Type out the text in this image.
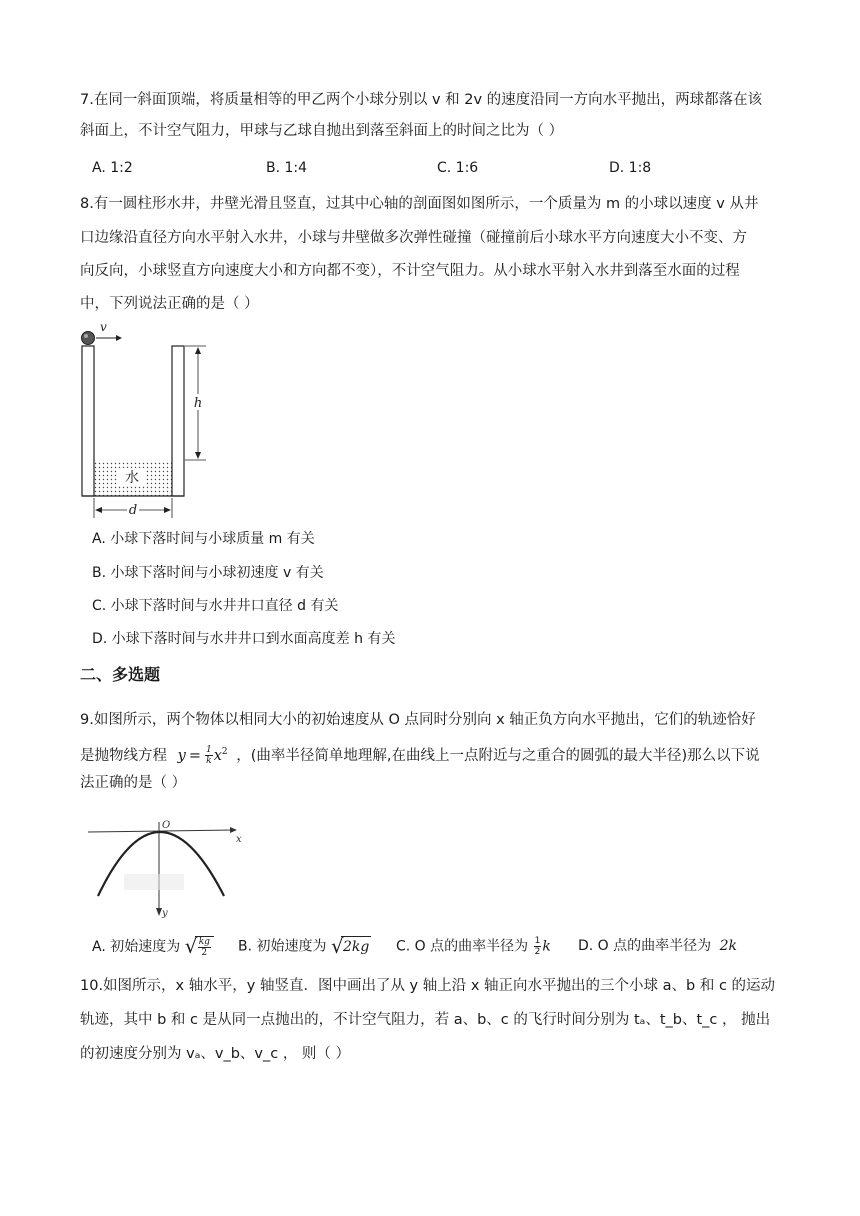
7.在同一斜面顶端，将质量相等的甲乙两个小球分别以 v 和 2v 的速度沿同一方向水平抛出，两球都落在该
斜面上，不计空气阻力，甲球与乙球自抛出到落至斜面上的时间之比为（ ）
A. 1:2	B. 1:4	C. 1:6	D. 1:8
8.有一圆柱形水井，井壁光滑且竖直，过其中心轴的剖面图如图所示，一个质量为 m 的小球以速度 v 从井
口边缘沿直径方向水平射入水井，小球与井壁做多次弹性碰撞（碰撞前后小球水平方向速度大小不变、方
向反向，小球竖直方向速度大小和方向都不变），不计空气阻力。从小球水平射入水井到落至水面的过程
中，下列说法正确的是（ ）
水
v
h
d
A. 小球下落时间与小球质量 m 有关
B. 小球下落时间与小球初速度 v 有关
C. 小球下落时间与水井井口直径 d 有关
D. 小球下落时间与水井井口到水面高度差 h 有关
二、多选题
9.如图所示，两个物体以相同大小的初始速度从 O 点同时分别向 x 轴正负方向水平抛出，它们的轨迹恰好
是抛物线方程 $y = \frac{1}{k} x^2$ ，(曲率半径简单地理解,在曲线上一点附近与之重合的圆弧的最大半径)那么以下说
法正确的是（ ）
x
y
O
A. 初始速度为 √ $\frac{kg}{2} B$. 初始速度为 √ 2kg C. O 点的曲率半径为 $\frac{1}{2}$ k D. O 点的曲率半径为 2k
10.如图所示，x 轴水平，y 轴竖直．图中画出了从 y 轴上沿 x 轴正向水平抛出的三个小球 a、b 和 c 的运动
轨迹，其中 b 和 c 是从同一点抛出的，不计空气阻力，若 a、b、c 的飞行时间分别为 tₐ、t_b、t_c ， 抛出
的初速度分别为 vₐ、v_b、v_c ， 则（ ）
